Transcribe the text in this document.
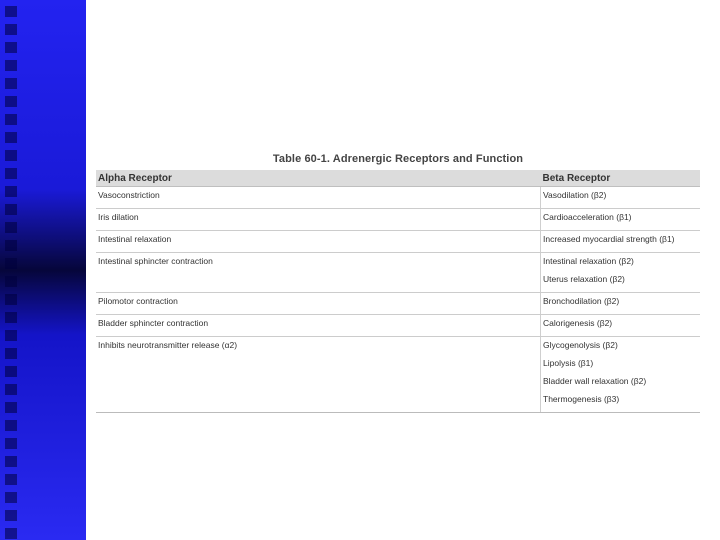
Table 60-1. Adrenergic Receptors and Function
Alpha Receptor	Beta Receptor

Vasoconstriction	Vasodilation (β2)

Iris dilation	Cardioacceleration (β1)

Intestinal relaxation	Increased myocardial strength (β1)

Intestinal sphincter contraction	Intestinal relaxation (β2)
Uterus relaxation (β2)

Pilomotor contraction	Bronchodilation (β2)

Bladder sphincter contraction	Calorigenesis (β2)

Inhibits neurotransmitter release (α2)	Glycogenolysis (β2)
Lipolysis (β1)
Bladder wall relaxation (β2)
Thermogenesis (β3)
